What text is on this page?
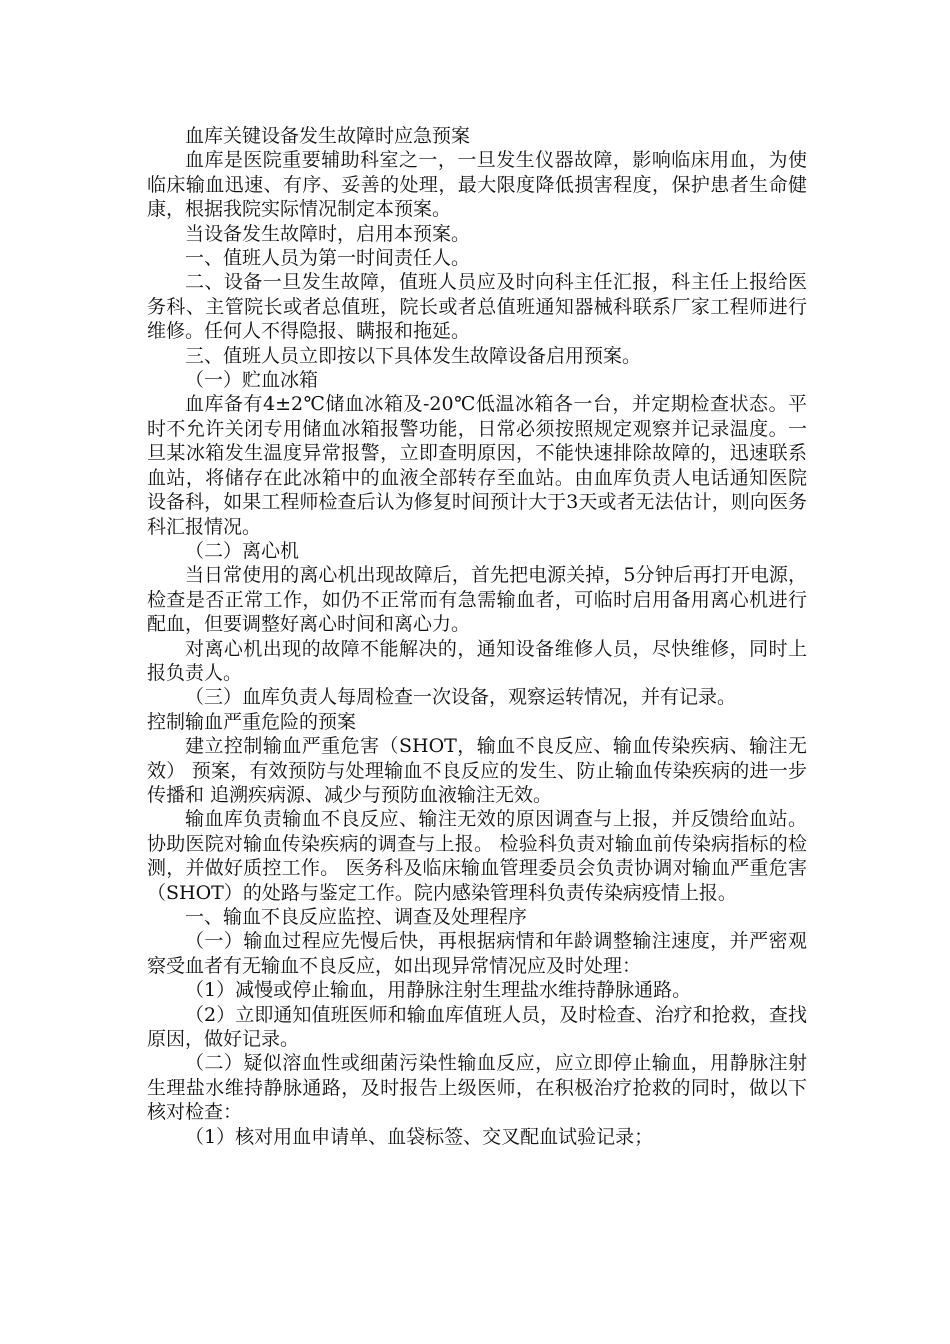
血库关键设备发生故障时应急预案

血库是医院重要辅助科室之一，一旦发生仪器故障，影响临床用血，为使临床输血迅速、有序、妥善的处理，最大限度降低损害程度，保护患者生命健康，根据我院实际情况制定本预案。

当设备发生故障时，启用本预案。

一、值班人员为第一时间责任人。

二、设备一旦发生故障，值班人员应及时向科主任汇报，科主任上报给医务科、主管院长或者总值班，院长或者总值班通知器械科联系厂家工程师进行维修。任何人不得隐报、瞒报和拖延。

三、值班人员立即按以下具体发生故障设备启用预案。

（一）贮血冰箱

血库备有4±2℃储血冰箱及-20℃低温冰箱各一台，并定期检查状态。平时不允许关闭专用储血冰箱报警功能，日常必须按照规定观察并记录温度。一旦某冰箱发生温度异常报警，立即查明原因，不能快速排除故障的，迅速联系血站，将储存在此冰箱中的血液全部转存至血站。由血库负责人电话通知医院设备科，如果工程师检查后认为修复时间预计大于3天或者无法估计，则向医务科汇报情况。

（二）离心机

当日常使用的离心机出现故障后，首先把电源关掉，5分钟后再打开电源，检查是否正常工作，如仍不正常而有急需输血者，可临时启用备用离心机进行配血，但要调整好离心时间和离心力。

对离心机出现的故障不能解决的，通知设备维修人员，尽快维修，同时上报负责人。

（三）血库负责人每周检查一次设备，观察运转情况，并有记录。

控制输血严重危险的预案

建立控制输血严重危害（SHOT，输血不良反应、输血传染疾病、输注无效） 预案，有效预防与处理输血不良反应的发生、防止输血传染疾病的进一步传播和 追溯疾病源、减少与预防血液输注无效。

输血库负责输血不良反应、输注无效的原因调查与上报，并反馈给血站。协助医院对输血传染疾病的调查与上报。 检验科负责对输血前传染病指标的检测，并做好质控工作。 医务科及临床输血管理委员会负责协调对输血严重危害（SHOT）的处路与鉴定工作。院内感染管理科负责传染病疫情上报。

一、输血不良反应监控、调查及处理程序

（一）输血过程应先慢后快，再根据病情和年龄调整输注速度，并严密观察受血者有无输血不良反应，如出现异常情况应及时处理：

（1）减慢或停止输血，用静脉注射生理盐水维持静脉通路。

（2）立即通知值班医师和输血库值班人员，及时检查、治疗和抢救，查找原因，做好记录。

（二）疑似溶血性或细菌污染性输血反应，应立即停止输血，用静脉注射生理盐水维持静脉通路，及时报告上级医师，在积极治疗抢救的同时，做以下核对检查：

（1）核对用血申请单、血袋标签、交叉配血试验记录；
